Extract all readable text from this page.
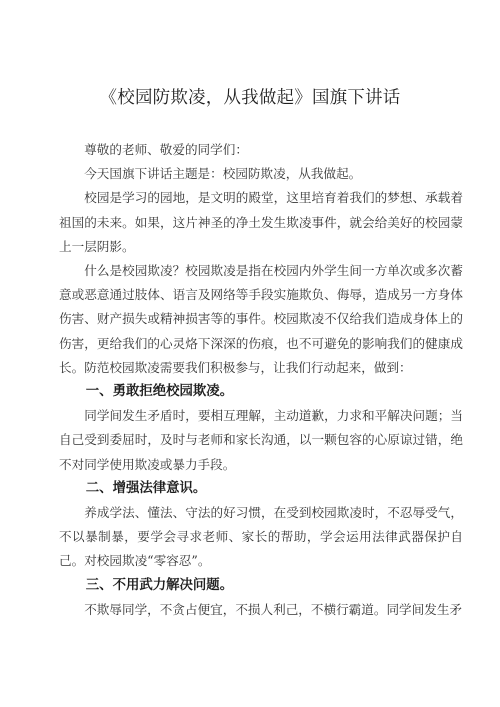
《校园防欺凌，从我做起》国旗下讲话

尊敬的老师、敬爱的同学们：

今天国旗下讲话主题是：校园防欺凌，从我做起。

校园是学习的园地，是文明的殿堂，这里培育着我们的梦想、承载着祖国的未来。如果，这片神圣的净土发生欺凌事件，就会给美好的校园蒙上一层阴影。

什么是校园欺凌？校园欺凌是指在校园内外学生间一方单次或多次蓄意或恶意通过肢体、语言及网络等手段实施欺负、侮辱，造成另一方身体伤害、财产损失或精神损害等的事件。校园欺凌不仅给我们造成身体上的伤害，更给我们的心灵烙下深深的伤痕，也不可避免的影响我们的健康成长。防范校园欺凌需要我们积极参与，让我们行动起来，做到：

一、勇敢拒绝校园欺凌。

同学间发生矛盾时，要相互理解，主动道歉，力求和平解决问题；当自己受到委屈时，及时与老师和家长沟通，以一颗包容的心原谅过错，绝不对同学使用欺凌或暴力手段。

二、增强法律意识。

养成学法、懂法、守法的好习惯，在受到校园欺凌时，不忍辱受气，不以暴制暴，要学会寻求老师、家长的帮助，学会运用法律武器保护自己。对校园欺凌“零容忍”。

三、不用武力解决问题。

不欺辱同学，不贪占便宜，不损人利己，不横行霸道。同学间发生矛
